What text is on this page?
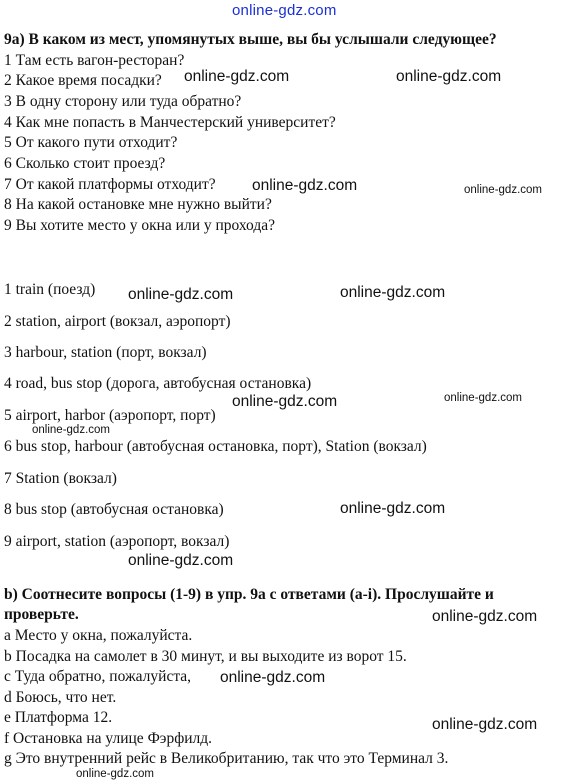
online-gdz.com
9а) В каком из мест, упомянутых выше, вы бы услышали следующее?
1 Там есть вагон-ресторан?
2 Какое время посадки?
3 В одну сторону или туда обратно?
4 Как мне попасть в Манчестерский университет?
5 От какого пути отходит?
6 Сколько стоит проезд?
7 От какой платформы отходит?
8 На какой остановке мне нужно выйти?
9 Вы хотите место у окна или у прохода?
1 train (поезд)
2 station, airport (вокзал, аэропорт)
3 harbour, station (порт, вокзал)
4 road, bus stop (дорога, автобусная остановка)
5 airport, harbor (аэропорт, порт)
6 bus stop, harbour (автобусная остановка, порт), Station (вокзал)
7 Station (вокзал)
8 bus stop (автобусная остановка)
9 airport, station (аэропорт, вокзал)
b) Соотнесите вопросы (1-9) в упр. 9а с ответами (a-i). Прослушайте и
проверьте.
a Место у окна, пожалуйста.
b Посадка на самолет в 30 минут, и вы выходите из ворот 15.
c Туда обратно, пожалуйста,
d Боюсь, что нет.
e Платформа 12.
f Остановка на улице Фэрфилд.
g Это внутренний рейс в Великобританию, так что это Терминал 3.
online-gdz.com	online-gdz.com
online-gdz.com	online-gdz.com
online-gdz.com	online-gdz.com
online-gdz.com	online-gdz.com
online-gdz.com
online-gdz.com
online-gdz.com
online-gdz.com
online-gdz.com
online-gdz.com
online-gdz.com
